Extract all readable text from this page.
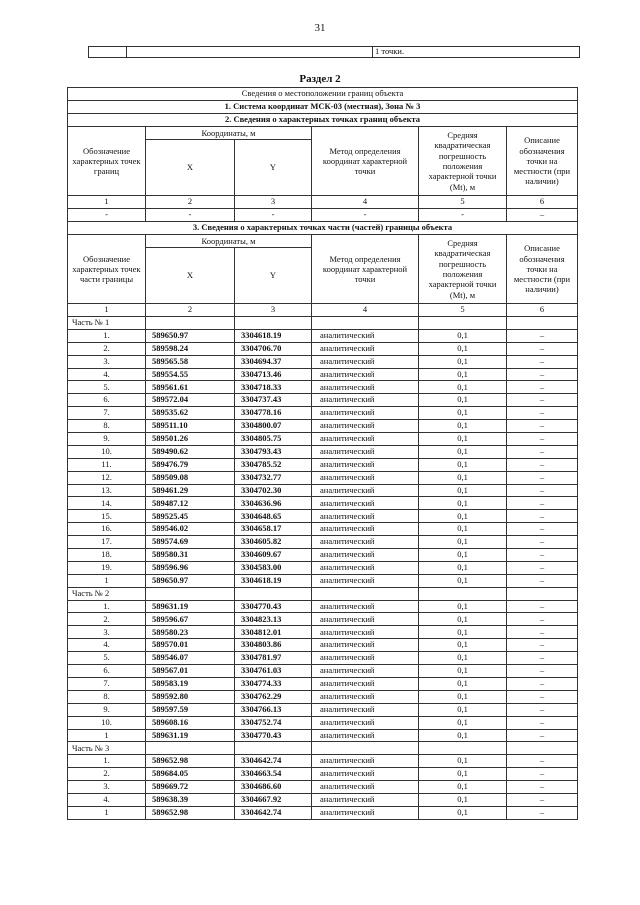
31
		1 точки.
Раздел 2
Сведения о местоположении границ объекта					
1. Система координат МСК-03 (местная), Зона № 3					
2. Сведения о характерных точках границ объекта					
Обозначение характерных точек границ	Координаты, м		Метод определения координат характерной точки	Средняя квадратическая погрешность положения характерной точки (Mt), м	Описание обозначения точки на местности (при наличии)
	X	Y			
1	2	3	4	5	6
-	-	-	-	-	–
3. Сведения о характерных точках части (частей) границы объекта					
Обозначение характерных точек части границы	Координаты, м		Метод определения координат характерной точки	Средняя квадратическая погрешность положения характерной точки (Mt), м	Описание обозначения точки на местности (при наличии)
	X	Y			
1	2	3	4	5	6
Часть № 1					
1.	589650.97	3304618.19	аналитический	0,1	–
2.	589598.24	3304706.70	аналитический	0,1	–
3.	589565.58	3304694.37	аналитический	0,1	–
4.	589554.55	3304713.46	аналитический	0,1	–
5.	589561.61	3304718.33	аналитический	0,1	–
6.	589572.04	3304737.43	аналитический	0,1	–
7.	589535.62	3304778.16	аналитический	0,1	–
8.	589511.10	3304800.07	аналитический	0,1	–
9.	589501.26	3304805.75	аналитический	0,1	–
10.	589490.62	3304793.43	аналитический	0,1	–
11.	589476.79	3304785.52	аналитический	0,1	–
12.	589509.08	3304732.77	аналитический	0,1	–
13.	589461.29	3304702.30	аналитический	0,1	–
14.	589487.12	3304636.96	аналитический	0,1	–
15.	589525.45	3304648.65	аналитический	0,1	–
16.	589546.02	3304658.17	аналитический	0,1	–
17.	589574.69	3304605.82	аналитический	0,1	–
18.	589580.31	3304609.67	аналитический	0,1	–
19.	589596.96	3304583.00	аналитический	0,1	–
1	589650.97	3304618.19	аналитический	0,1	–
Часть № 2					
1.	589631.19	3304770.43	аналитический	0,1	–
2.	589596.67	3304823.13	аналитический	0,1	–
3.	589580.23	3304812.01	аналитический	0,1	–
4.	589570.01	3304803.86	аналитический	0,1	–
5.	589546.07	3304781.97	аналитический	0,1	–
6.	589567.01	3304761.03	аналитический	0,1	–
7.	589583.19	3304774.33	аналитический	0,1	–
8.	589592.80	3304762.29	аналитический	0,1	–
9.	589597.59	3304766.13	аналитический	0,1	–
10.	589608.16	3304752.74	аналитический	0,1	–
1	589631.19	3304770.43	аналитический	0,1	–
Часть № 3					
1.	589652.98	3304642.74	аналитический	0,1	–
2.	589684.05	3304663.54	аналитический	0,1	–
3.	589669.72	3304686.60	аналитический	0,1	–
4.	589638.39	3304667.92	аналитический	0,1	–
1	589652.98	3304642.74	аналитический	0,1	–
